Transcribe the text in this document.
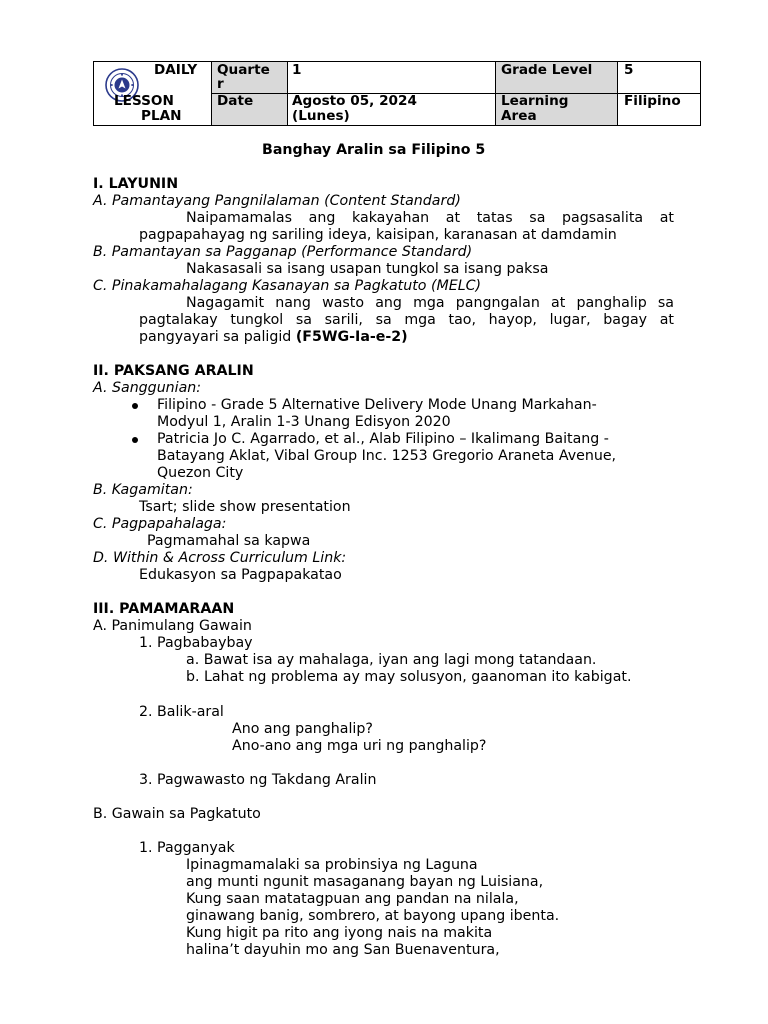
DAILY
LESSON
PLAN
Quarte
r
1	Grade Level 5
Date	Agosto 05, 2024
(Lunes)
Learning
Area
Filipino
Banghay Aralin sa Filipino 5
I. LAYUNIN
A. Pamantayang Pangnilalaman (Content Standard)
Naipamamalas ang kakayahan at tatas sa pagsasalita at
pagpapahayag ng sariling ideya, kaisipan, karanasan at damdamin
B. Pamantayan sa Pagganap (Performance Standard)
Nakasasali sa isang usapan tungkol sa isang paksa
C. Pinakamahalagang Kasanayan sa Pagkatuto (MELC)
Nagagamit nang wasto ang mga pangngalan at panghalip sa
pagtalakay tungkol sa sarili, sa mga tao, hayop, lugar, bagay at
pangyayari sa paligid (F5WG-Ia-e-2)
II. PAKSANG ARALIN
A. Sanggunian:
Filipino - Grade 5 Alternative Delivery Mode Unang Markahan-
Modyul 1, Aralin 1-3 Unang Edisyon 2020
Patricia Jo C. Agarrado, et al., Alab Filipino – Ikalimang Baitang -
Batayang Aklat, Vibal Group Inc. 1253 Gregorio Araneta Avenue,
Quezon City
B. Kagamitan:
Tsart; slide show presentation
C. Pagpapahalaga:
Pagmamahal sa kapwa
D. Within & Across Curriculum Link:
Edukasyon sa Pagpapakatao
III. PAMAMARAAN
A. Panimulang Gawain
1. Pagbabaybay
a. Bawat isa ay mahalaga, iyan ang lagi mong tatandaan.
b. Lahat ng problema ay may solusyon, gaanoman ito kabigat.
2. Balik-aral
Ano ang panghalip?
Ano-ano ang mga uri ng panghalip?
3. Pagwawasto ng Takdang Aralin
B. Gawain sa Pagkatuto
1. Pagganyak
Ipinagmamalaki sa probinsiya ng Laguna
ang munti ngunit masaganang bayan ng Luisiana,
Kung saan matatagpuan ang pandan na nilala,
ginawang banig, sombrero, at bayong upang ibenta.
Kung higit pa rito ang iyong nais na makita
halina’t dayuhin mo ang San Buenaventura,
